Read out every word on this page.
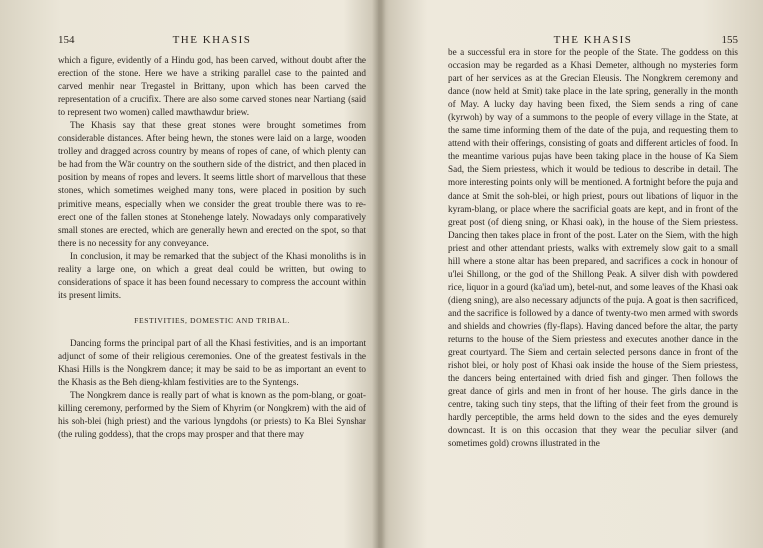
154	THE KHASIS

which a figure, evidently of a Hindu god, has been carved, without doubt after the erection of the stone. Here we have a striking parallel case to the painted and carved menhir near Tregastel in Brittany, upon which has been carved the representation of a crucifix. There are also some carved stones near Nartiang (said to represent two women) called mawthawdur briew.

The Khasis say that these great stones were brought sometimes from considerable distances. After being hewn, the stones were laid on a large, wooden trolley and dragged across country by means of ropes of cane, of which plenty can be had from the Wār country on the southern side of the district, and then placed in position by means of ropes and levers. It seems little short of marvellous that these stones, which sometimes weighed many tons, were placed in position by such primitive means, especially when we consider the great trouble there was to re-erect one of the fallen stones at Stonehenge lately. Nowadays only comparatively small stones are erected, which are generally hewn and erected on the spot, so that there is no necessity for any conveyance.

In conclusion, it may be remarked that the subject of the Khasi monoliths is in reality a large one, on which a great deal could be written, but owing to considerations of space it has been found necessary to compress the account within its present limits.

FESTIVITIES, DOMESTIC AND TRIBAL.

Dancing forms the principal part of all the Khasi festivities, and is an important adjunct of some of their religious ceremonies. One of the greatest festivals in the Khasi Hills is the Nongkrem dance; it may be said to be as important an event to the Khasis as the Beh dieng-khlam festivities are to the Syntengs.

The Nongkrem dance is really part of what is known as the pom-blang, or goat-killing ceremony, performed by the Siem of Khyrim (or Nongkrem) with the aid of his soh-blei (high priest) and the various lyngdohs (or priests) to Ka Blei Synshar (the ruling goddess), that the crops may prosper and that there may

THE KHASIS	155

be a successful era in store for the people of the State. The goddess on this occasion may be regarded as a Khasi Demeter, although no mysteries form part of her services as at the Grecian Eleusis. The Nongkrem ceremony and dance (now held at Smit) take place in the late spring, generally in the month of May. A lucky day having been fixed, the Siem sends a ring of cane (kyrwoh) by way of a summons to the people of every village in the State, at the same time informing them of the date of the puja, and requesting them to attend with their offerings, consisting of goats and different articles of food. In the meantime various pujas have been taking place in the house of Ka Siem Sad, the Siem priestess, which it would be tedious to describe in detail. The more interesting points only will be mentioned. A fortnight before the puja and dance at Smit the soh-blei, or high priest, pours out libations of liquor in the kyram-blang, or place where the sacrificial goats are kept, and in front of the great post (of dieng sning, or Khasi oak), in the house of the Siem priestess. Dancing then takes place in front of the post. Later on the Siem, with the high priest and other attendant priests, walks with extremely slow gait to a small hill where a stone altar has been prepared, and sacrifices a cock in honour of u'lei Shillong, or the god of the Shillong Peak. A silver dish with powdered rice, liquor in a gourd (ka'iad um), betel-nut, and some leaves of the Khasi oak (dieng sning), are also necessary adjuncts of the puja. A goat is then sacrificed, and the sacrifice is followed by a dance of twenty-two men armed with swords and shields and chowries (fly-flaps). Having danced before the altar, the party returns to the house of the Siem priestess and executes another dance in the great courtyard. The Siem and certain selected persons dance in front of the rishot blei, or holy post of Khasi oak inside the house of the Siem priestess, the dancers being entertained with dried fish and ginger. Then follows the great dance of girls and men in front of her house. The girls dance in the centre, taking such tiny steps, that the lifting of their feet from the ground is hardly perceptible, the arms held down to the sides and the eyes demurely downcast. It is on this occasion that they wear the peculiar silver (and sometimes gold) crowns illustrated in the
